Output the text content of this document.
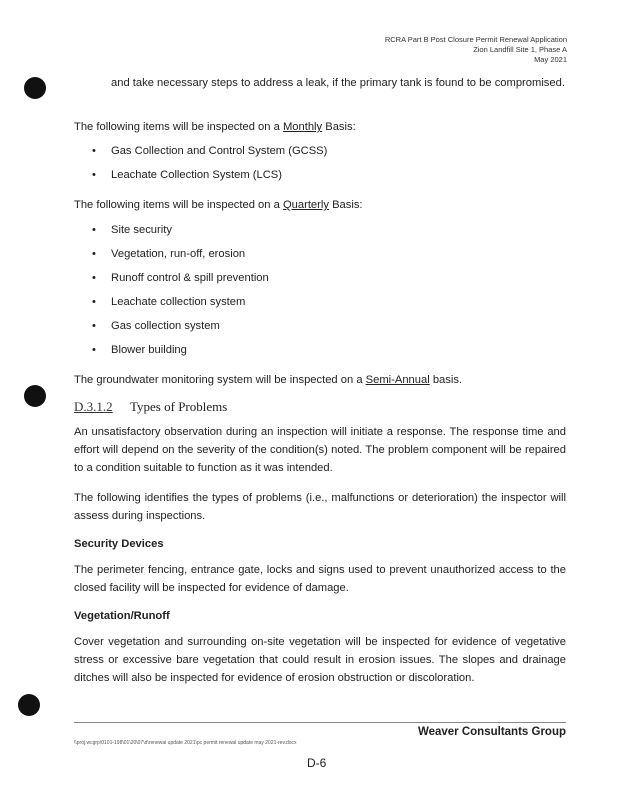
RCRA Part B Post Closure Permit Renewal Application
Zion Landfill Site 1, Phase A
May 2021

and take necessary steps to address a leak, if the primary tank is found to be compromised.

The following items will be inspected on a Monthly Basis:

• Gas Collection and Control System (GCSS)
• Leachate Collection System (LCS)

The following items will be inspected on a Quarterly Basis:

• Site security
• Vegetation, run-off, erosion
• Runoff control & spill prevention
• Leachate collection system
• Gas collection system
• Blower building

The groundwater monitoring system will be inspected on a Semi-Annual basis.

D.3.1.2 Types of Problems

An unsatisfactory observation during an inspection will initiate a response. The response time and effort will depend on the severity of the condition(s) noted. The problem component will be repaired to a condition suitable to function as it was intended.

The following identifies the types of problems (i.e., malfunctions or deterioration) the inspector will assess during inspections.

Security Devices

The perimeter fencing, entrance gate, locks and signs used to prevent unauthorized access to the closed facility will be inspected for evidence of damage.

Vegetation/Runoff

Cover vegetation and surrounding on-site vegetation will be inspected for evidence of vegetative stress or excessive bare vegetation that could result in erosion issues. The slopes and drainage ditches will also be inspected for evidence of erosion obstruction or discoloration.

Weaver Consultants Group
\\proj.wcgrp\0101-198\01\20\07\d\renewal update 2021\pc permit renewal update may 2021-rev.docx
D-6
